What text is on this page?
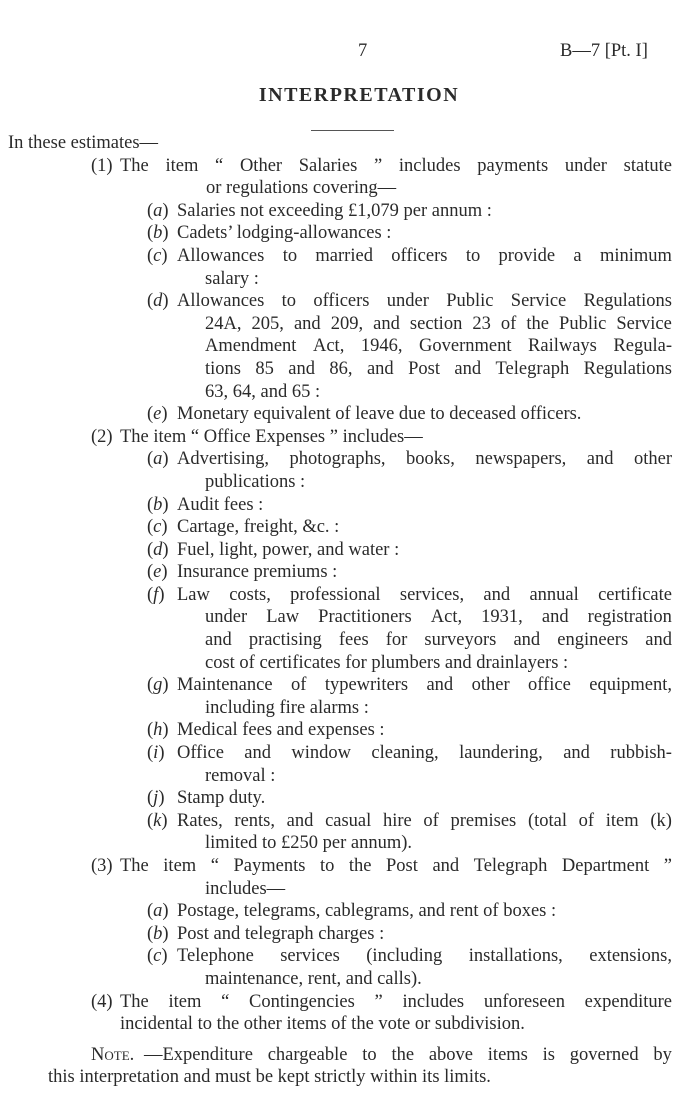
7	B—7 [Pt. I]
INTERPRETATION
In these estimates—
(1) The item “ Other Salaries ” includes payments under statute
or regulations covering—
(a) Salaries not exceeding £1,079 per annum :
(b) Cadets’ lodging-allowances :
(c) Allowances to married officers to provide a minimum
salary :
(d) Allowances to officers under Public Service Regulations
24A, 205, and 209, and section 23 of the Public Service
Amendment Act, 1946, Government Railways Regula-
tions 85 and 86, and Post and Telegraph Regulations
63, 64, and 65 :
(e) Monetary equivalent of leave due to deceased officers.
(2) The item “ Office Expenses ” includes—
(a) Advertising, photographs, books, newspapers, and other
publications :
(b) Audit fees :
(c) Cartage, freight, &c. :
(d) Fuel, light, power, and water :
(e) Insurance premiums :
(f) Law costs, professional services, and annual certificate
under Law Practitioners Act, 1931, and registration
and practising fees for surveyors and engineers and
cost of certificates for plumbers and drainlayers :
(g) Maintenance of typewriters and other office equipment,
including fire alarms :
(h) Medical fees and expenses :
(i) Office and window cleaning, laundering, and rubbish-
removal :
(j) Stamp duty.
(k) Rates, rents, and casual hire of premises (total of item (k)
limited to £250 per annum).
(3) The item “ Payments to the Post and Telegraph Department ”
includes—
(a) Postage, telegrams, cablegrams, and rent of boxes :
(b) Post and telegraph charges :
(c) Telephone services (including installations, extensions,
maintenance, rent, and calls).
(4) The item “ Contingencies ” includes unforeseen expenditure
incidental to the other items of the vote or subdivision.
Note. —Expenditure chargeable to the above items is governed by
this interpretation and must be kept strictly within its limits.
